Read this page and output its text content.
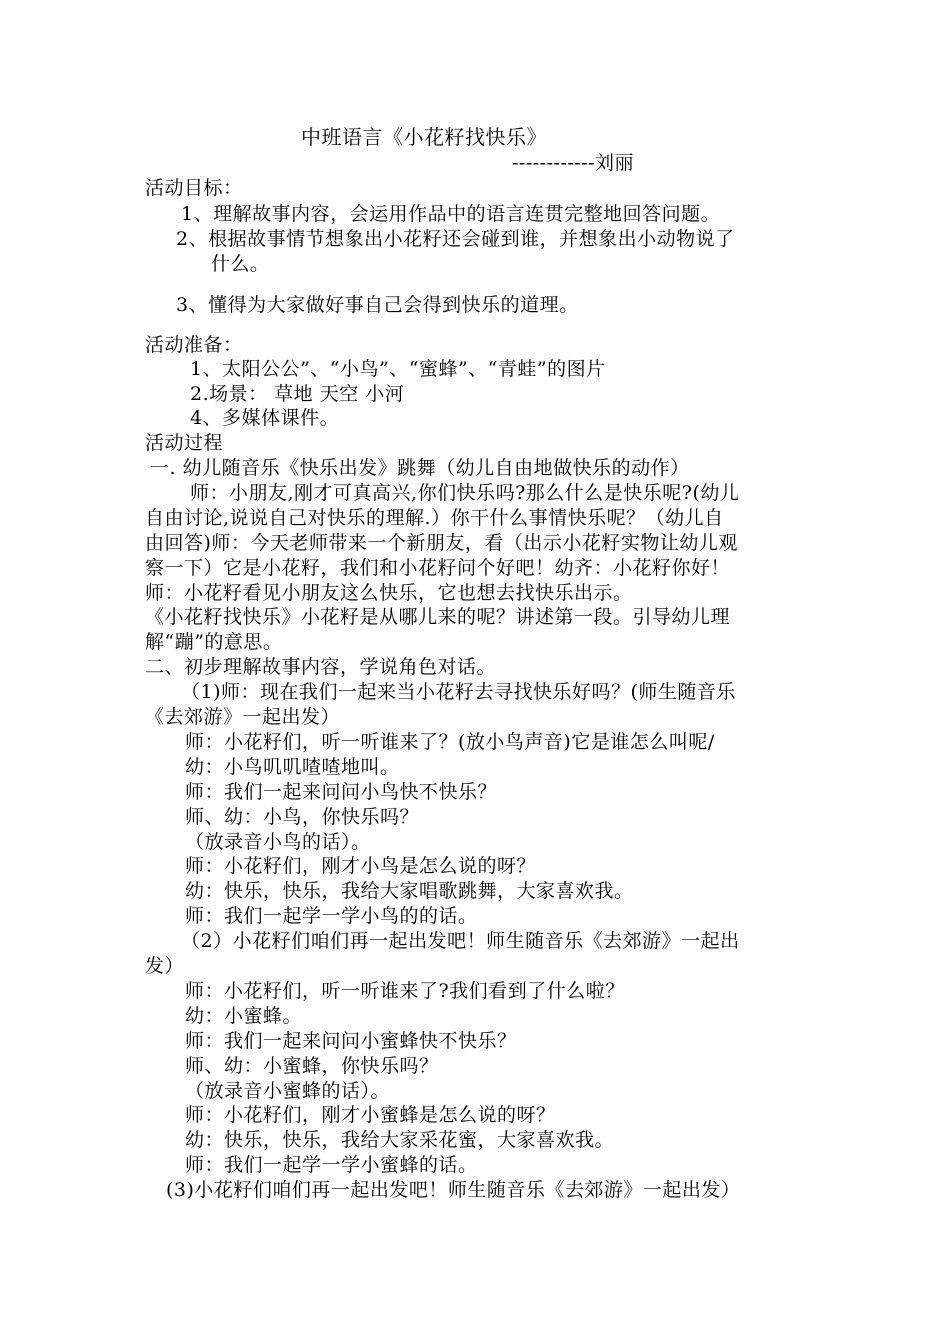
中班语言《小花籽找快乐》
------------刘丽
活动目标：
1、理解故事内容，会运用作品中的语言连贯完整地回答问题。
2、根据故事情节想象出小花籽还会碰到谁，并想象出小动物说了
什么。
3、懂得为大家做好事自己会得到快乐的道理。
活动准备：
1、太阳公公”、“小鸟”、“蜜蜂”、“青蛙”的图片
2.场景： 草地 天空 小河
4、多媒体课件。
活动过程
一. 幼儿随音乐《快乐出发》跳舞（幼儿自由地做快乐的动作）
师：小朋友,刚才可真高兴,你们快乐吗?那么什么是快乐呢?(幼儿
自由讨论,说说自己对快乐的理解.）你干什么事情快乐呢？（幼儿自
由回答)师：今天老师带来一个新朋友，看（出示小花籽实物让幼儿观
察一下）它是小花籽，我们和小花籽问个好吧！幼齐：小花籽你好！
师：小花籽看见小朋友这么快乐，它也想去找快乐出示。
《小花籽找快乐》小花籽是从哪儿来的呢？讲述第一段。引导幼儿理
解“蹦”的意思。
二、初步理解故事内容，学说角色对话。
（1)师：现在我们一起来当小花籽去寻找快乐好吗？(师生随音乐
《去郊游》一起出发）
师：小花籽们，听一听谁来了？(放小鸟声音)它是谁怎么叫呢/
幼：小鸟叽叽喳喳地叫。
师：我们一起来问问小鸟快不快乐？
师、幼：小鸟，你快乐吗？
（放录音小鸟的话）。
师：小花籽们，刚才小鸟是怎么说的呀？
幼：快乐，快乐，我给大家唱歌跳舞，大家喜欢我。
师：我们一起学一学小鸟的的话。
（2）小花籽们咱们再一起出发吧！师生随音乐《去郊游》一起出
发）
师：小花籽们，听一听谁来了?我们看到了什么啦？
幼：小蜜蜂。
师：我们一起来问问小蜜蜂快不快乐？
师、幼：小蜜蜂，你快乐吗？
（放录音小蜜蜂的话）。
师：小花籽们，刚才小蜜蜂是怎么说的呀？
幼：快乐，快乐，我给大家采花蜜，大家喜欢我。
师：我们一起学一学小蜜蜂的话。
(3)小花籽们咱们再一起出发吧！师生随音乐《去郊游》一起出发）
